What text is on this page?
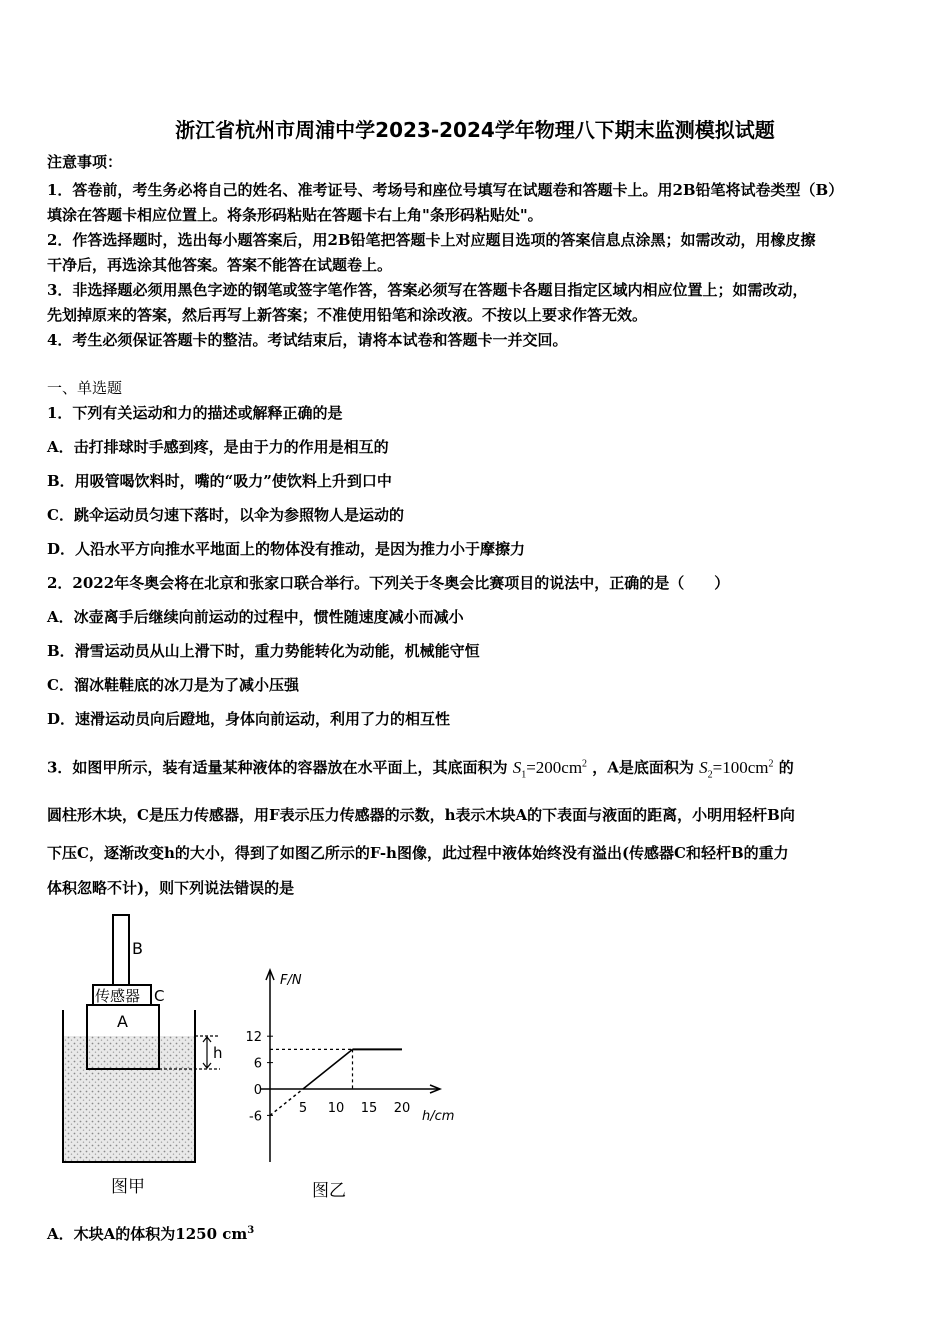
浙江省杭州市周浦中学2023-2024学年物理八下期末监测模拟试题
注意事项：
1．答卷前，考生务必将自己的姓名、准考证号、考场号和座位号填写在试题卷和答题卡上。用2B铅笔将试卷类型（B）
填涂在答题卡相应位置上。将条形码粘贴在答题卡右上角"条形码粘贴处"。
2．作答选择题时，选出每小题答案后，用2B铅笔把答题卡上对应题目选项的答案信息点涂黑；如需改动，用橡皮擦
干净后，再选涂其他答案。答案不能答在试题卷上。
3．非选择题必须用黑色字迹的钢笔或签字笔作答，答案必须写在答题卡各题目指定区域内相应位置上；如需改动，
先划掉原来的答案，然后再写上新答案；不准使用铅笔和涂改液。不按以上要求作答无效。
4．考生必须保证答题卡的整洁。考试结束后，请将本试卷和答题卡一并交回。
一、单选题
1．下列有关运动和力的描述或解释正确的是
A．击打排球时手感到疼，是由于力的作用是相互的
B．用吸管喝饮料时，嘴的“吸力”使饮料上升到口中
C．跳伞运动员匀速下落时，以伞为参照物人是运动的
D．人沿水平方向推水平地面上的物体没有推动，是因为推力小于摩擦力
2．2022年冬奥会将在北京和张家口联合举行。下列关于冬奥会比赛项目的说法中，正确的是（　　）
A．冰壶离手后继续向前运动的过程中，惯性随速度减小而减小
B．滑雪运动员从山上滑下时，重力势能转化为动能，机械能守恒
C．溜冰鞋鞋底的冰刀是为了减小压强
D．速滑运动员向后蹬地，身体向前运动，利用了力的相互性
3．如图甲所示，装有适量某种液体的容器放在水平面上，其底面积为 $S_1=200cm^2$ ，A是底面积为 $S_2=100cm^2$ 的
圆柱形木块，C是压力传感器，用F表示压力传感器的示数，h表示木块A的下表面与液面的距离，小明用轻杆B向
下压C，逐渐改变h的大小，得到了如图乙所示的F-h图像，此过程中液体始终没有溢出(传感器C和轻杆B的重力
体积忽略不计)，则下列说法错误的是
B
传感器 C
A
h
图甲
F/N
h/cm
5 10 15 20
12
6
0
-6
图乙
A．木块A的体积为1250 $cm^3$
